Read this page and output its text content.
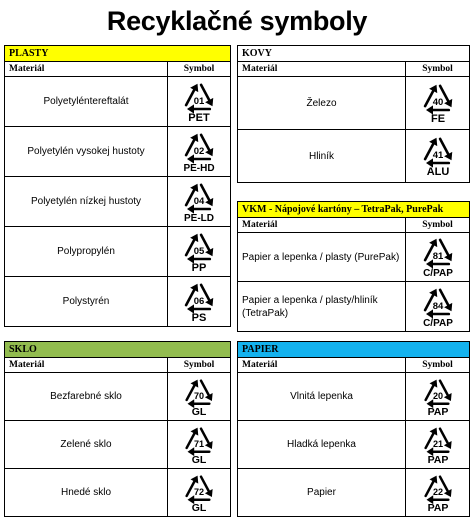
Recyklačné symboly
PLASTY	
Materiál	Symbol
Polyetyléntereftalát	01
PET

Polyetylén vysokej hustoty	02
PE-HD

Polyetylén nízkej hustoty	04
PE-LD

Polypropylén	05
PP

Polystyrén	06
PS
KOVY	
Materiál	Symbol
Železo	40
FE

Hliník	41
ALU
VKM - Nápojové kartóny – TetraPak, PurePak	
Materiál	Symbol
Papier a lepenka / plasty (PurePak)	81
C/PAP

Papier a lepenka / plasty/hliník (TetraPak)	84
C/PAP
SKLO	
Materiál	Symbol
Bezfarebné sklo	70
GL

Zelené sklo	71
GL

Hnedé sklo	72
GL
PAPIER	
Materiál	Symbol
Vlnitá lepenka	20
PAP

Hladká lepenka	21
PAP

Papier	22
PAP
